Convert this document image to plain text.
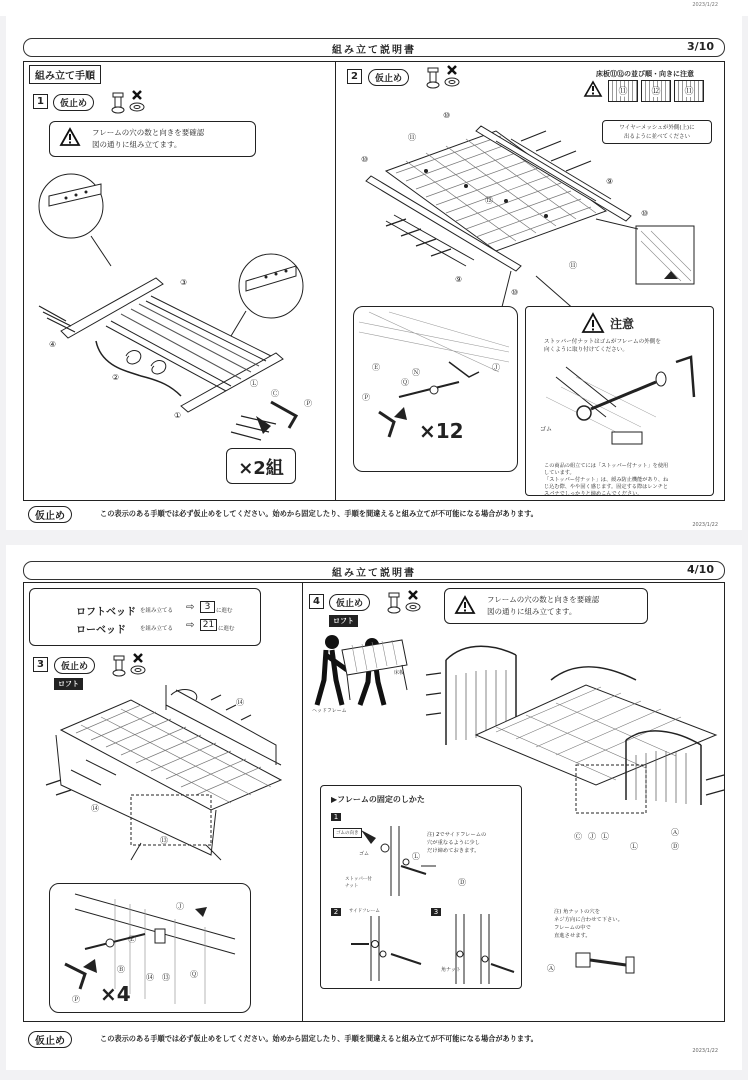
2023/1/22
組み立て説明書	3/10
組み立て手順
1	仮止め
フレームの穴の数と向きを要確認
図の通りに組み立てます。
③
④
②
①
Ⓛ
Ⓒ
Ⓟ
×2組
2	仮止め	床板⑪⑫の並び順・向きに注意
⑪	⑫	⑪
ワイヤーメッシュが外側(上)に
出るように並べてください
⑩
⑪
⑩
⑫
⑨
⑩
⑨
⑪
⑩
Ⓠ
Ⓔ
Ⓝ
Ⓟ
Ⓙ
×12
注意
ストッパー付ナットはゴムがフレームの外側を
向くように取り付けてください。
ゴム
この商品の組立てには「ストッパー付ナット」を使用
しています。
「ストッパー付ナット」は、緩み防止機能があり、ね
じ込む際、やや固く感じます。固定する際はレンチと
スパナでしっかりと締めこんでください。
仮止め	この表示のある手順では必ず仮止めをしてください。始めから固定したり、手順を間違えると組み立てが不可能になる場合があります。
2023/1/22
組み立て説明書	4/10
ロフトベッド を組み立てる ⇨	3	に進む
ローベッド	を組み立てる ⇨ 21 に進む
3	仮止め
ロフト
⑭
⑭
⑬
Ⓙ
Ⓔ
Ⓑ
⑭ ⑬	Ⓠ
Ⓟ ×4
4	仮止め
ロフト
フレームの穴の数と向きを要確認
図の通りに組み立てます。
床板
ヘッドフレーム
Ⓐ
Ⓓ
Ⓒ Ⓙ Ⓛ
Ⓛ
▶フレームの固定のしかた
1
ゴムの向き
ゴム
ストッパー付
ナット
注) 2でサイドフレームの
穴が重なるように少し
だけ締めておきます。
2	サイドフレーム
角ナット
3
Ⓛ
Ⓓ
Ⓐ
注) 角ナットの穴を
ネジ方向に合わせて下さい。
フレームの中で
直進させます。
仮止め	この表示のある手順では必ず仮止めをしてください。始めから固定したり、手順を間違えると組み立てが不可能になる場合があります。
2023/1/22
